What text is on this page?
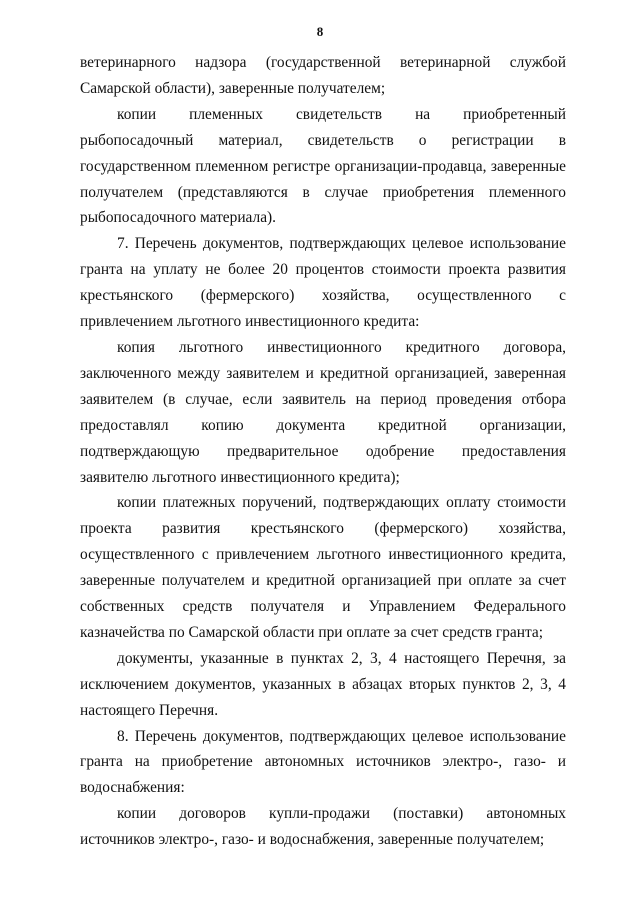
8

ветеринарного надзора (государственной ветеринарной службой Самарской области), заверенные получателем;

копии племенных свидетельств на приобретенный рыбопосадочный материал, свидетельств о регистрации в государственном племенном регистре организации-продавца, заверенные получателем (представляются в случае приобретения племенного рыбопосадочного материала).

7. Перечень документов, подтверждающих целевое использование гранта на уплату не более 20 процентов стоимости проекта развития крестьянского (фермерского) хозяйства, осуществленного с привлечением льготного инвестиционного кредита:

копия льготного инвестиционного кредитного договора, заключенного между заявителем и кредитной организацией, заверенная заявителем (в случае, если заявитель на период проведения отбора предоставлял копию документа кредитной организации, подтверждающую предварительное одобрение предоставления заявителю льготного инвестиционного кредита);

копии платежных поручений, подтверждающих оплату стоимости проекта развития крестьянского (фермерского) хозяйства, осуществленного с привлечением льготного инвестиционного кредита, заверенные получателем и кредитной организацией при оплате за счет собственных средств получателя и Управлением Федерального казначейства по Самарской области при оплате за счет средств гранта;

документы, указанные в пунктах 2, 3, 4 настоящего Перечня, за исключением документов, указанных в абзацах вторых пунктов 2, 3, 4 настоящего Перечня.

8. Перечень документов, подтверждающих целевое использование гранта на приобретение автономных источников электро-, газо- и водоснабжения:

копии договоров купли-продажи (поставки) автономных источников электро-, газо- и водоснабжения, заверенные получателем;
